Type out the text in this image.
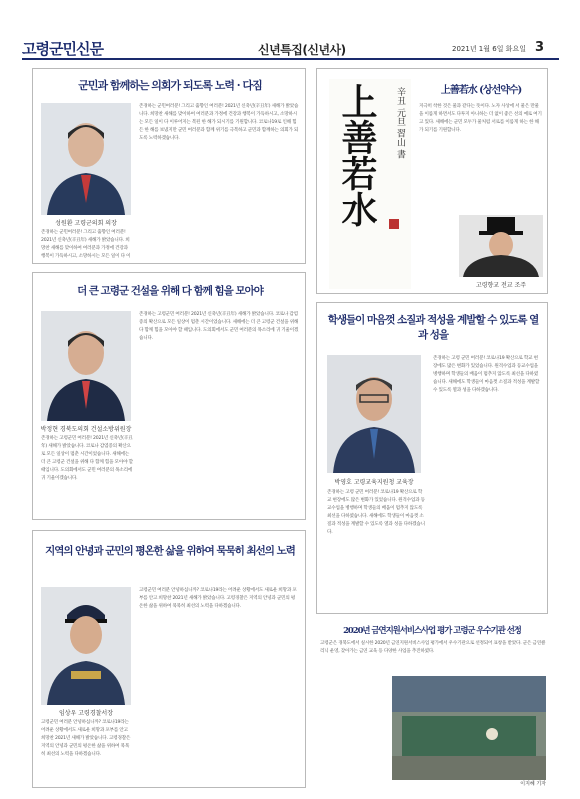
고령군민신문	신년특집(신년사)	2021년 1월 6일 화요일 3
군민과 함께하는 의회가 되도록 노력 · 다짐
성원환 고령군의회 의장
존경하는 군민여러분! 그리고 출향인 여러분! 2021년 신축년(辛丑年) 새해가 밝았습니다. 희망찬 새해를 맞이하여 여러분과 가정에 건강과 행복이 가득하시고, 소망하시는 모든 일이 다 이
존경하는 군민여러분! 그리고 출향인 여러분! 2021년 신축년(辛丑年) 새해가 밝았습니다. 희망찬 새해를 맞이하여 여러분과 가정에 건강과 행복이 가득하시고, 소망하시는 모든 일이 다 이루어지는 복된 한 해가 되시기를 기원합니다. 코로나19로 인해 힘든 한 해를 보냈지만 군민 여러분과 함께 위기를 극복하고 군민과 함께하는 의회가 되도록 노력하겠습니다.	上善若水	辛丑 元旦 習山 書	上善若水 (상선약수)
지극히 착한 것은 물과 같다는 뜻이다. 노자 사상에 서 물은 만물을 이롭게 하면서도 다투지 아니하는 더 없이 좋은 선의 예로 여기고 있다. 새해에는 군민 모두가 물처럼 서로를 이롭게 하는 한 해가 되기를 기원합니다.
고령향교 전교 조주
더 큰 고령군 건설을 위해 다 함께 힘을 모아야
박정현 경북도의회 건설소방위원장
존경하는 고령군민 여러분! 2021년 신축년(辛丑年) 새해가 밝았습니다. 코로나 감염증의 확산으로 모든 일상이 멈춘 시간이었습니다. 새해에는 더 큰 고령군 건설을 위해 다 함께 힘을 모아야 할 때입니다. 도의회에서도 군민 여러분의 목소리에 귀 기울이겠습니다.
존경하는 고령군민 여러분! 2021년 신축년(辛丑年) 새해가 밝았습니다. 코로나 감염증의 확산으로 모든 일상이 멈춘 시간이었습니다. 새해에는 더 큰 고령군 건설을 위해 다 함께 힘을 모아야 할 때입니다. 도의회에서도 군민 여러분의 목소리에 귀 기울이겠습니다.
학생들이 마음껏 소질과 적성을 계발할 수 있도록 열과 성을
박영호 고령교육지원청 교육장
존경하는 고령 군민 여러분! 코로나19 확산으로 학교 현장에도 많은 변화가 있었습니다. 원격수업과 등교수업을 병행하며 학생들의 배움이 멈추지 않도록 최선을 다하였습니다. 새해에도 학생들이 마음껏 소질과 적성을 계발할 수 있도록 열과 성을 다하겠습니다.
존경하는 고령 군민 여러분! 코로나19 확산으로 학교 현장에도 많은 변화가 있었습니다. 원격수업과 등교수업을 병행하며 학생들의 배움이 멈추지 않도록 최선을 다하였습니다. 새해에도 학생들이 마음껏 소질과 적성을 계발할 수 있도록 열과 성을 다하겠습니다.
지역의 안녕과 군민의 평온한 삶을 위하여 묵묵히 최선의 노력
임상우 고령경찰서장
고령군민 여러분 안녕하십니까? 코로나19라는 어려운 상황에서도 새로운 희망과 포부를 안고 희망찬 2021년 새해가 밝았습니다. 고령경찰은 지역의 안녕과 군민의 평온한 삶을 위하여 묵묵히 최선의 노력을 다하겠습니다.
고령군민 여러분 안녕하십니까? 코로나19라는 어려운 상황에서도 새로운 희망과 포부를 안고 희망찬 2021년 새해가 밝았습니다. 고령경찰은 지역의 안녕과 군민의 평온한 삶을 위하여 묵묵히 최선의 노력을 다하겠습니다.
2020년 금연지원서비스사업 평가 고령군 우수기관 선정
고령군은 경북도에서 실시한 2020년 금연지원서비스사업 평가에서 우수기관으로 선정되어 표창을 받았다. 군은 금연클리닉 운영, 찾아가는 금연 교육 등 다양한 사업을 추진하였다.
이지혜 기자
